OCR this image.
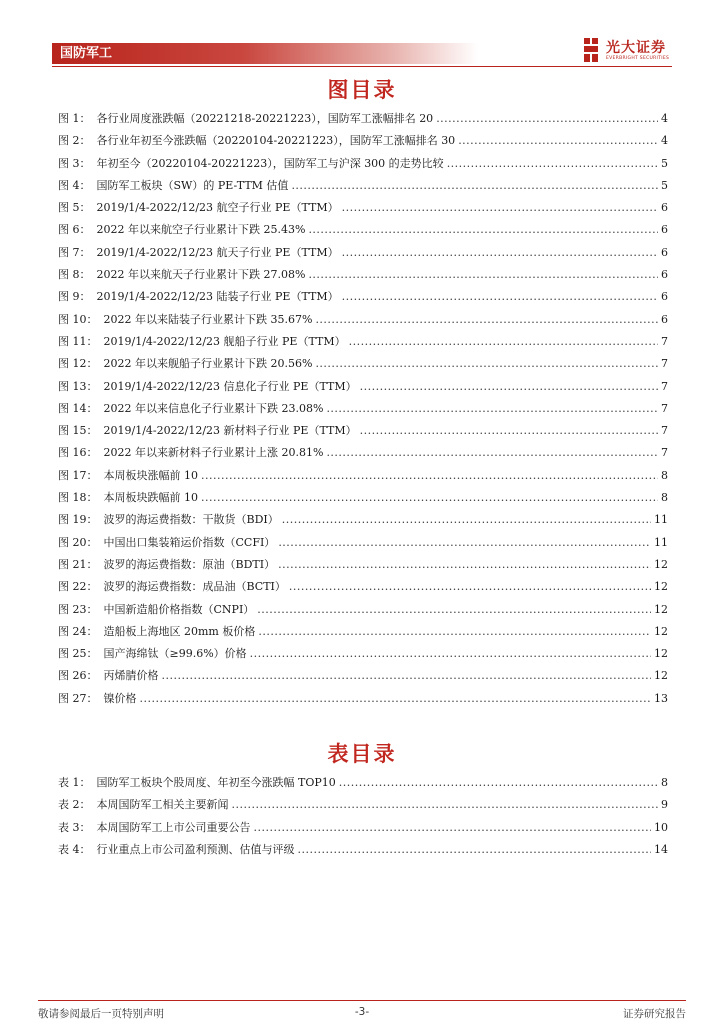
国防军工	光大证券
EVERBRIGHT SECURITIES
图目录
图 1： 各行业周度涨跌幅（20221218-20221223），国防军工涨幅排名 20 .....	4
图 2： 各行业年初至今涨跌幅（20220104-20221223），国防军工涨幅排名 30 .....	4
图 3： 年初至今（20220104-20221223），国防军工与沪深 300 的走势比较 .....	5
图 4： 国防军工板块（SW）的 PE-TTM 估值 .....	5
图 5： 2019/1/4-2022/12/23 航空子行业 PE（TTM） .....	6
图 6： 2022 年以来航空子行业累计下跌 25.43% .....	6
图 7： 2019/1/4-2022/12/23 航天子行业 PE（TTM） .....	6
图 8： 2022 年以来航天子行业累计下跌 27.08% .....	6
图 9： 2019/1/4-2022/12/23 陆装子行业 PE（TTM） .....	6
图 10： 2022 年以来陆装子行业累计下跌 35.67% .....	6
图 11： 2019/1/4-2022/12/23 舰船子行业 PE（TTM） .....	7
图 12： 2022 年以来舰船子行业累计下跌 20.56% .....	7
图 13： 2019/1/4-2022/12/23 信息化子行业 PE（TTM） .....	7
图 14： 2022 年以来信息化子行业累计下跌 23.08% .....	7
图 15： 2019/1/4-2022/12/23 新材料子行业 PE（TTM） .....	7
图 16： 2022 年以来新材料子行业累计上涨 20.81% .....	7
图 17： 本周板块涨幅前 10 .....	8
图 18： 本周板块跌幅前 10 .....	8
图 19： 波罗的海运费指数：干散货（BDI） .....	11
图 20： 中国出口集装箱运价指数（CCFI） .....	11
图 21： 波罗的海运费指数：原油（BDTI） .....	12
图 22： 波罗的海运费指数：成品油（BCTI） .....	12
图 23： 中国新造船价格指数（CNPI） .....	12
图 24： 造船板上海地区 20mm 板价格 .....	12
图 25： 国产海绵钛（≥99.6%）价格 .....	12
图 26： 丙烯腈价格 .....	12
图 27： 镍价格 .....	13
表目录
表 1： 国防军工板块个股周度、年初至今涨跌幅 TOP10 .....	8
表 2： 本周国防军工相关主要新闻 .....	9
表 3： 本周国防军工上市公司重要公告 .....	10
表 4： 行业重点上市公司盈利预测、估值与评级 .....	14
敬请参阅最后一页特别声明	-3-	证券研究报告
